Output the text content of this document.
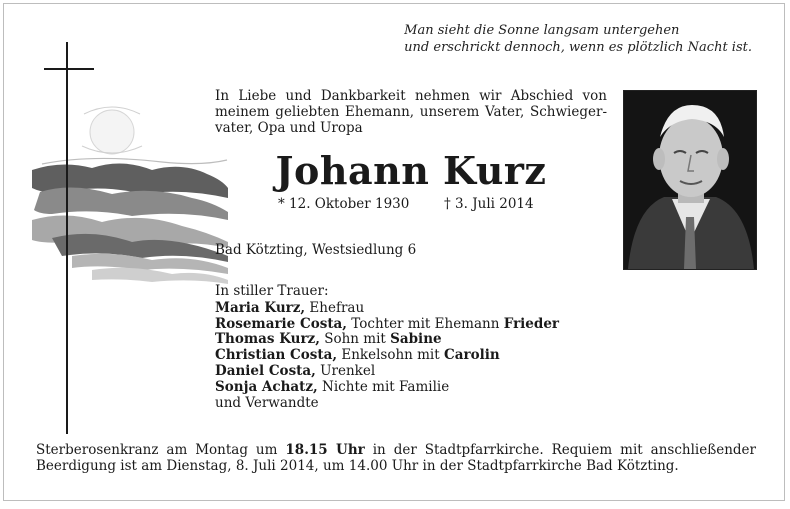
Man sieht die Sonne langsam untergehen
und erschrickt dennoch, wenn es plötzlich Nacht ist.
In Liebe und Dankbarkeit nehmen wir Abschied von meinem geliebten Ehemann, unserem Vater, Schwieger- vater, Opa und Uropa
Johann Kurz
* 12. Oktober 1930	† 3. Juli 2014
Bad Kötzting, Westsiedlung 6
In stiller Trauer:
Maria Kurz, Ehefrau
Rosemarie Costa, Tochter mit Ehemann Frieder
Thomas Kurz, Sohn mit Sabine
Christian Costa, Enkelsohn mit Carolin
Daniel Costa, Urenkel
Sonja Achatz, Nichte mit Familie
und Verwandte
Sterberosenkranz am Montag um 18.15 Uhr in der Stadtpfarrkirche. Requiem mit anschließender Beerdigung ist am Dienstag, 8. Juli 2014, um 14.00 Uhr in der Stadtpfarrkirche Bad Kötzting.
